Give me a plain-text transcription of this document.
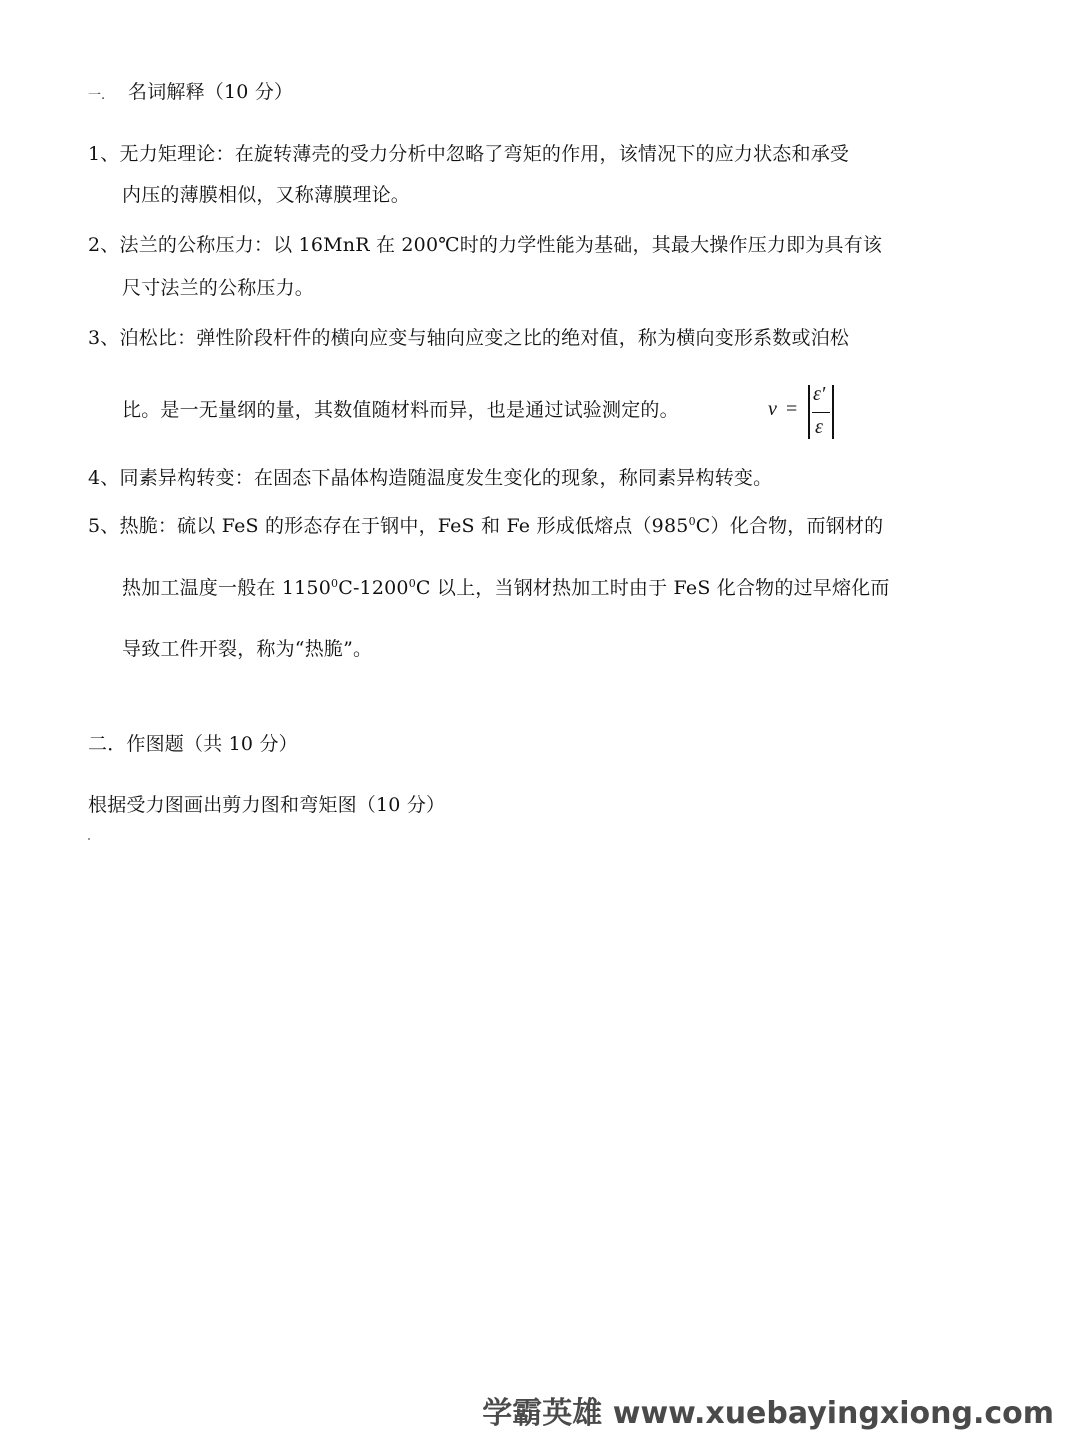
一. 名词解释（10 分）
1、无力矩理论：在旋转薄壳的受力分析中忽略了弯矩的作用，该情况下的应力状态和承受
内压的薄膜相似，又称薄膜理论。
2、法兰的公称压力：以 16MnR 在 200℃时的力学性能为基础，其最大操作压力即为具有该
尺寸法兰的公称压力。
3、泊松比：弹性阶段杆件的横向应变与轴向应变之比的绝对值，称为横向变形系数或泊松
比。是一无量纲的量，其数值随材料而异，也是通过试验测定的。	ν =
ε′
ε
4、同素异构转变：在固态下晶体构造随温度发生变化的现象，称同素异构转变。
5、热脆：硫以 FeS 的形态存在于钢中，FeS 和 Fe 形成低熔点$(985^0C)$化合物，而钢材的
热加工温度一般在 1150$^0$C-1200$^0$C 以上，当钢材热加工时由于 FeS 化合物的过早熔化而
导致工件开裂，称为“热脆”。
二．作图题（共 10 分）
根据受力图画出剪力图和弯矩图（10 分）
学霸英雄 www.xuebayingxiong.com
